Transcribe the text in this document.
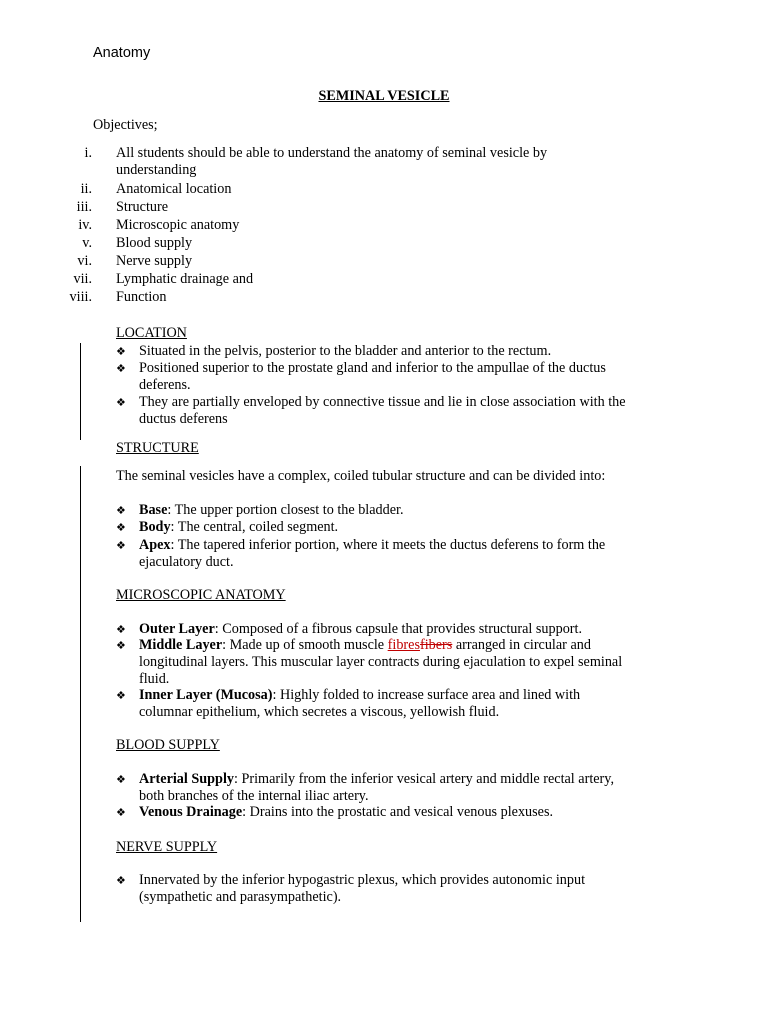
Anatomy
SEMINAL VESICLE
Objectives;
i. All students should be able to understand the anatomy of seminal vesicle by
understanding
ii. Anatomical location
iii. Structure
iv. Microscopic anatomy
v. Blood supply
vi. Nerve supply
vii. Lymphatic drainage and
viii. Function
LOCATION
❖ Situated in the pelvis, posterior to the bladder and anterior to the rectum.
❖ Positioned superior to the prostate gland and inferior to the ampullae of the ductus
deferens.
❖ They are partially enveloped by connective tissue and lie in close association with the
ductus deferens
STRUCTURE
The seminal vesicles have a complex, coiled tubular structure and can be divided into:
❖ Base: The upper portion closest to the bladder.
❖ Body: The central, coiled segment.
❖ Apex: The tapered inferior portion, where it meets the ductus deferens to form the
ejaculatory duct.
MICROSCOPIC ANATOMY
❖ Outer Layer: Composed of a fibrous capsule that provides structural support.
❖ Middle Layer: Made up of smooth muscle fibresfibers arranged in circular and
longitudinal layers. This muscular layer contracts during ejaculation to expel seminal
fluid.
❖ Inner Layer (Mucosa): Highly folded to increase surface area and lined with
columnar epithelium, which secretes a viscous, yellowish fluid.
BLOOD SUPPLY
❖ Arterial Supply: Primarily from the inferior vesical artery and middle rectal artery,
both branches of the internal iliac artery.
❖ Venous Drainage: Drains into the prostatic and vesical venous plexuses.
NERVE SUPPLY
❖ Innervated by the inferior hypogastric plexus, which provides autonomic input
(sympathetic and parasympathetic).
